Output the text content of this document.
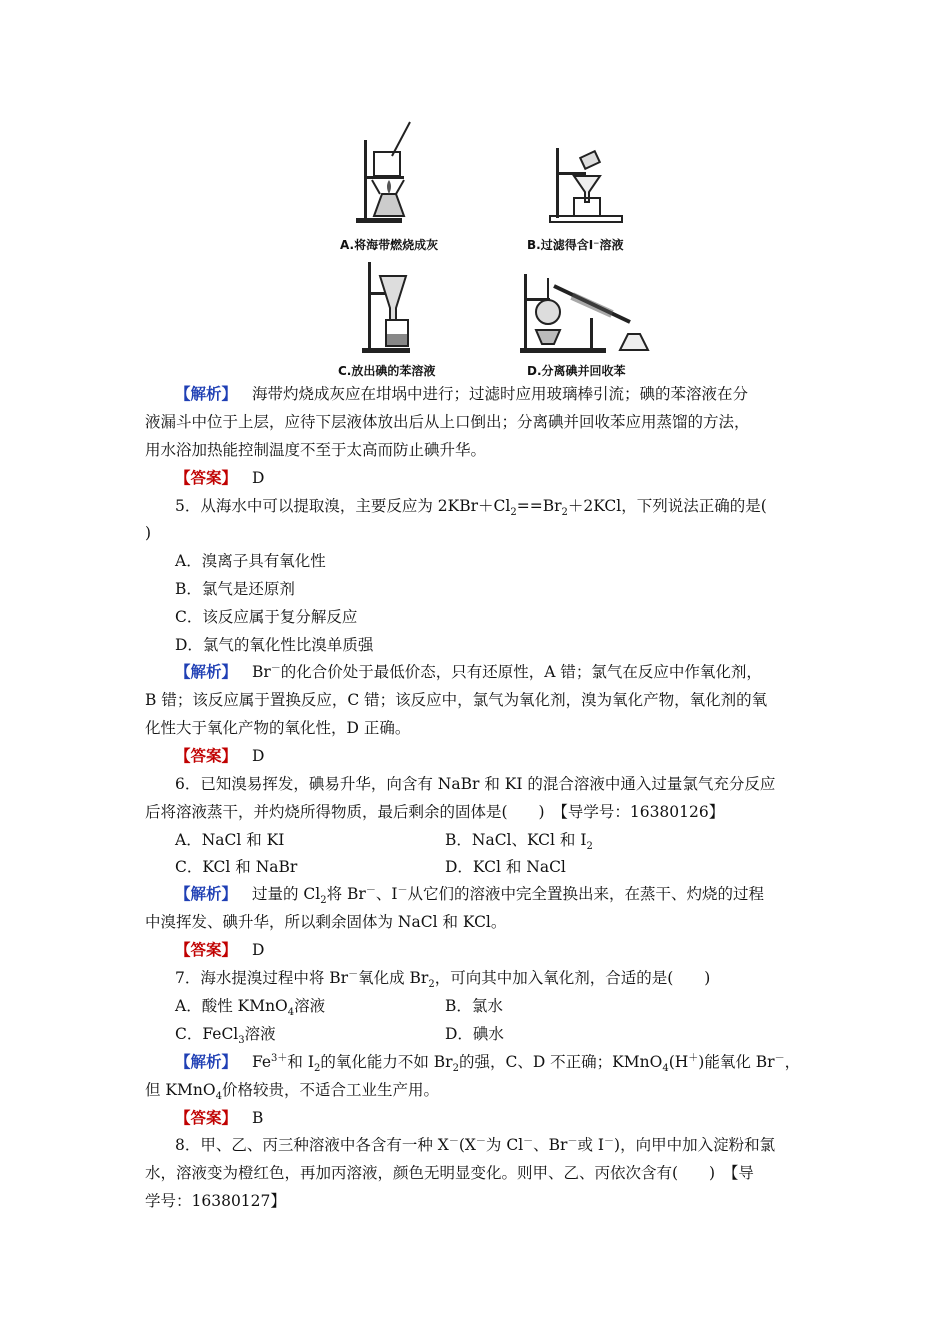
A.将海带燃烧成灰	B.过滤得含I⁻溶液
C.放出碘的苯溶液	D.分离碘并回收苯
【解析】 海带灼烧成灰应在坩埚中进行；过滤时应用玻璃棒引流；碘的苯溶液在分
液漏斗中位于上层，应待下层液体放出后从上口倒出；分离碘并回收苯应用蒸馏的方法，
用水浴加热能控制温度不至于太高而防止碘升华。
【答案】 D
5．从海水中可以提取溴，主要反应为 $2KBr+Cl_2==Br_2+2KCl$，下列说法正确的是(
)
A．溴离子具有氧化性
B．氯气是还原剂
C．该反应属于复分解反应
D．氯气的氧化性比溴单质强
【解析】 Br－的化合价处于最低价态，只有还原性，A 错；氯气在反应中作氧化剂，
B 错；该反应属于置换反应，C 错；该反应中，氯气为氧化剂，溴为氧化产物，氧化剂的氧
化性大于氧化产物的氧化性，D 正确。
【答案】 D
6．已知溴易挥发，碘易升华，向含有 NaBr 和 KI 的混合溶液中通入过量氯气充分反应
后将溶液蒸干，并灼烧所得物质，最后剩余的固体是(　　)　【导学号：16380126】
A．NaCl 和 KI	B．NaCl、KCl 和 $I_2$
C．KCl 和 NaBr	D．KCl 和 NaCl
【解析】 过量的 $Cl_2$将 Br－、I－从它们的溶液中完全置换出来，在蒸干、灼烧的过程
中溴挥发、碘升华，所以剩余固体为 NaCl 和 KCl。
【答案】 D
7．海水提溴过程中将 Br－氧化成 $Br_2$，可向其中加入氧化剂，合适的是(　　)
A．酸性 KMnO$_4$溶液	B．氯水
C．FeCl$_3$溶液	D．碘水
【解析】 $Fe^{3+}$和 $I_2$的氧化能力不如 $Br_2$的强，C、D 不正确；KMnO$_4$(H＋)能氧化 Br－，
但 KMnO$_4$价格较贵，不适合工业生产用。
【答案】 B
8．甲、乙、丙三种溶液中各含有一种 X－(X－为 Cl－、Br－或 I－)，向甲中加入淀粉和氯
水，溶液变为橙红色，再加丙溶液，颜色无明显变化。则甲、乙、丙依次含有(　　)　【导
学号：16380127】
